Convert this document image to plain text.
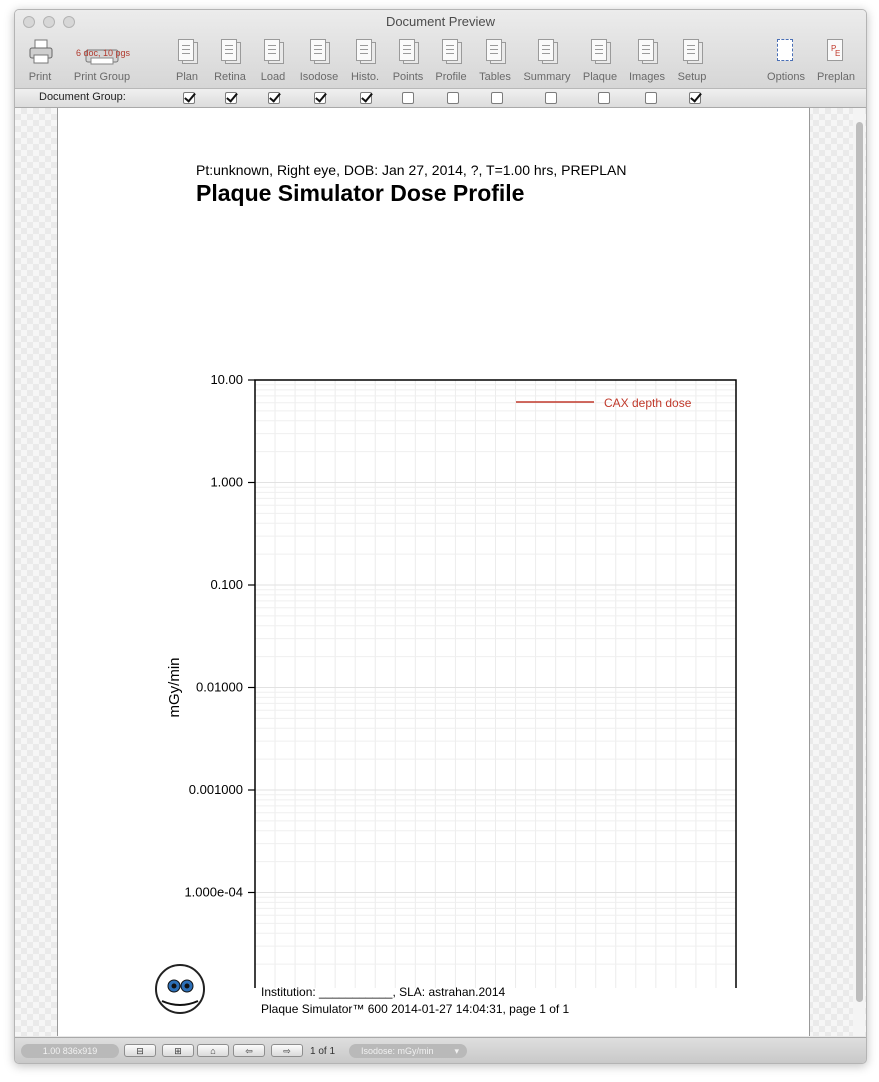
Document Preview
Print
6 doc, 10 pgs
Print Group	Plan	Retina	Load	Isodose	Histo.	Points	Profile	Tables	Summary	Plaque	Images	Setup	Options
P
E
Preplan
Document Group:
Pt:unknown, Right eye, DOB: Jan 27, 2014, ?, T=1.00 hrs, PREPLAN
Plaque Simulator Dose Profile
10.00
1.000
0.100
0.01000
0.001000
1.000e-04
mGy/min
CAX depth dose
Institution: ___________, SLA: astrahan.2014
Plaque Simulator™ 600 2014-01-27 14:04:31, page 1 of 1
1.00 836x919	⊟	⊞	⌂	⇦	⇨	1 of 1	Isodose: mGy/min ▾
